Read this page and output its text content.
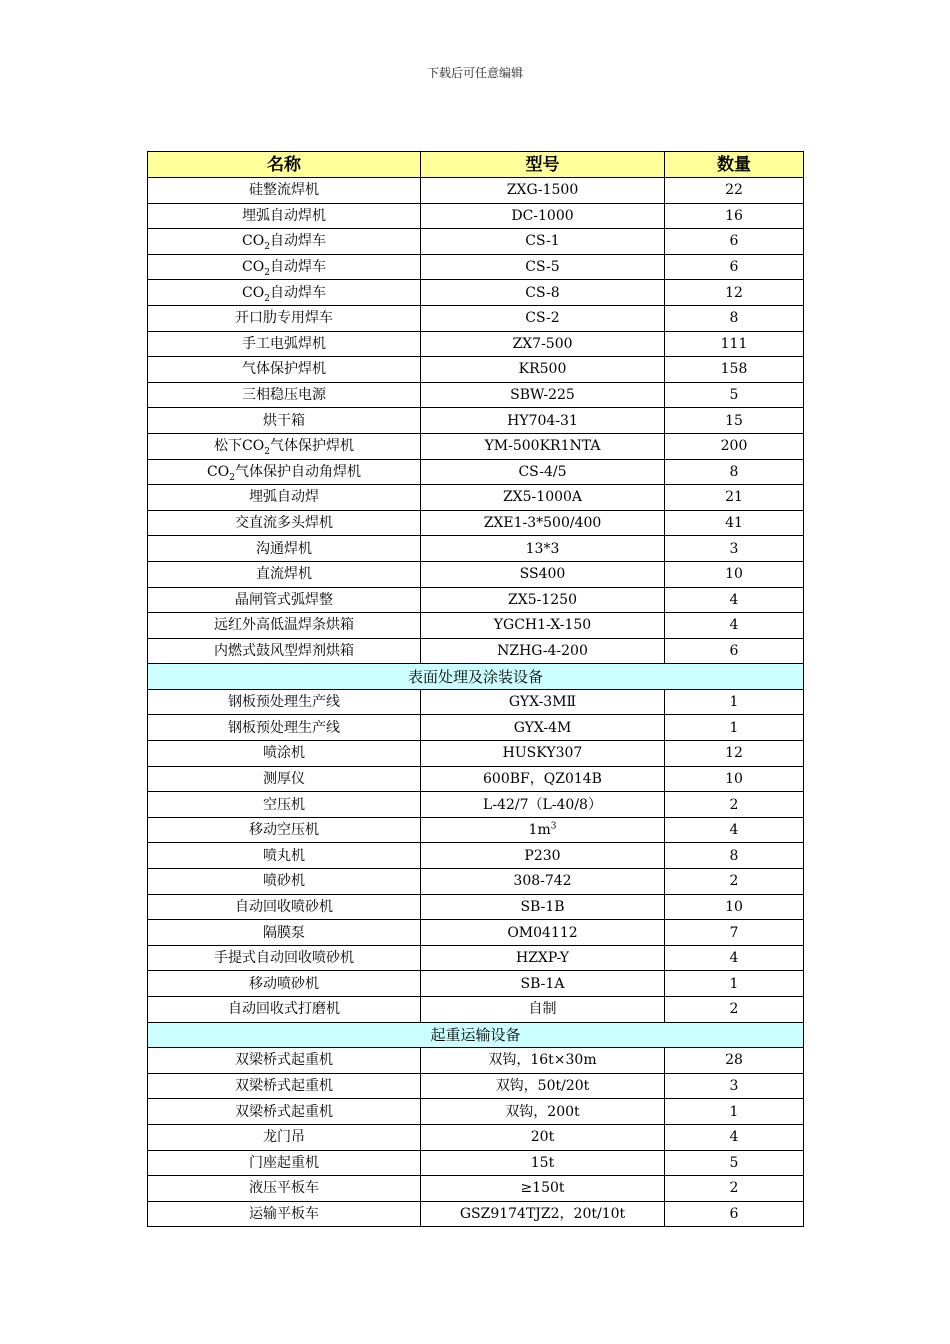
下载后可任意编辑
名称	型号	数量
硅整流焊机	ZXG-1500	22
埋弧自动焊机	DC-1000	16
$CO_2$自动焊车	CS-1	6
$CO_2$自动焊车	CS-5	6
$CO_2$自动焊车	CS-8	12
开口肋专用焊车	CS-2	8
手工电弧焊机	ZX7-500	111
气体保护焊机	KR500	158
三相稳压电源	SBW-225	5
烘干箱	HY704-31	15
松下$CO_2$气体保护焊机	YM-500KR1NTA	200
$CO_2$气体保护自动角焊机	CS-4/5	8
埋弧自动焊	ZX5-1000A	21
交直流多头焊机	ZXE1-3*500/400	41
沟通焊机	13*3	3
直流焊机	SS400	10
晶闸管式弧焊整	ZX5-1250	4
远红外高低温焊条烘箱	YGCH1-X-150	4
内燃式鼓风型焊剂烘箱	NZHG-4-200	6
表面处理及涂装设备		
钢板预处理生产线	GYX-3MⅡ	1
钢板预处理生产线	GYX-4M	1
喷涂机	HUSKY307	12
测厚仪	600BF，QZ014B	10
空压机	L-42/7（L-40/8）	2
移动空压机	$1m^3$	4
喷丸机	P230	8
喷砂机	308-742	2
自动回收喷砂机	SB-1B	10
隔膜泵	OM04112	7
手提式自动回收喷砂机	HZXP-Y	4
移动喷砂机	SB-1A	1
自动回收式打磨机	自制	2
起重运输设备		
双梁桥式起重机	双钩，16t×30m	28
双梁桥式起重机	双钩，50t/20t	3
双梁桥式起重机	双钩，200t	1
龙门吊	20t	4
门座起重机	15t	5
液压平板车	≥150t	2
运输平板车	GSZ9174TJZ2，20t/10t	6
